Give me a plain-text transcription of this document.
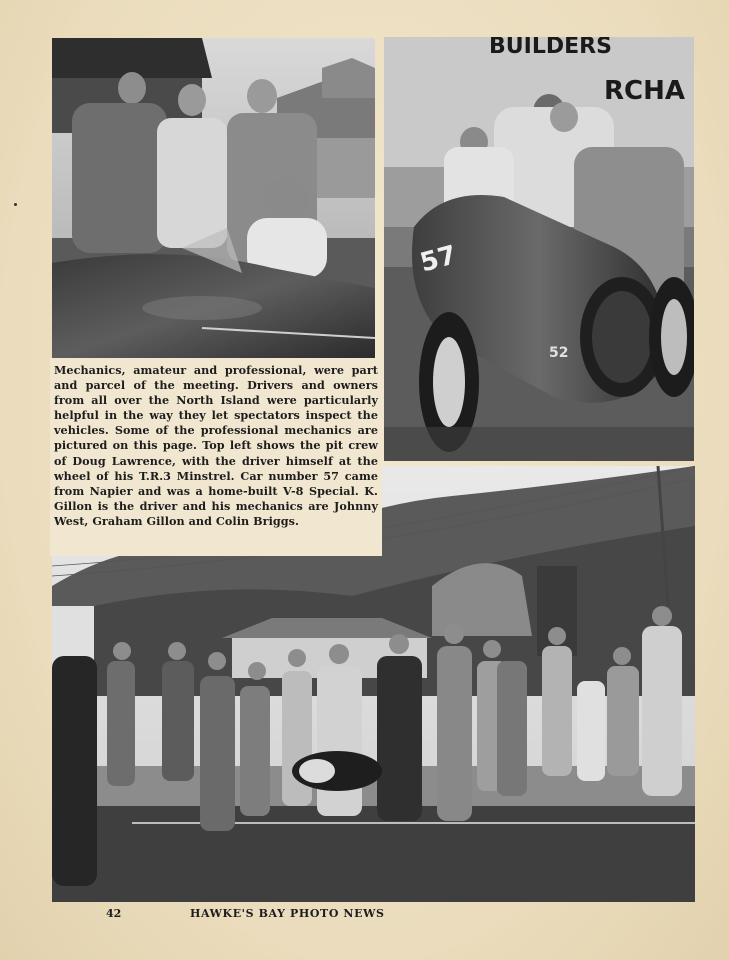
BUILDERS
RCHA
57
52

Mechanics, amateur and professional, were part and parcel of the meeting. Drivers and owners from all over the North Island were particularly helpful in the way they let spectators inspect the vehicles. Some of the professional mechanics are pictured on this page. Top left shows the pit crew of Doug Lawrence, with the driver himself at the wheel of his T.R.3 Minstrel. Car number 57 came from Napier and was a home-built V-8 Special. K. Gillon is the driver and his mechanics are Johnny West, Graham Gillon and Colin Briggs.

42	HAWKE'S BAY PHOTO NEWS
